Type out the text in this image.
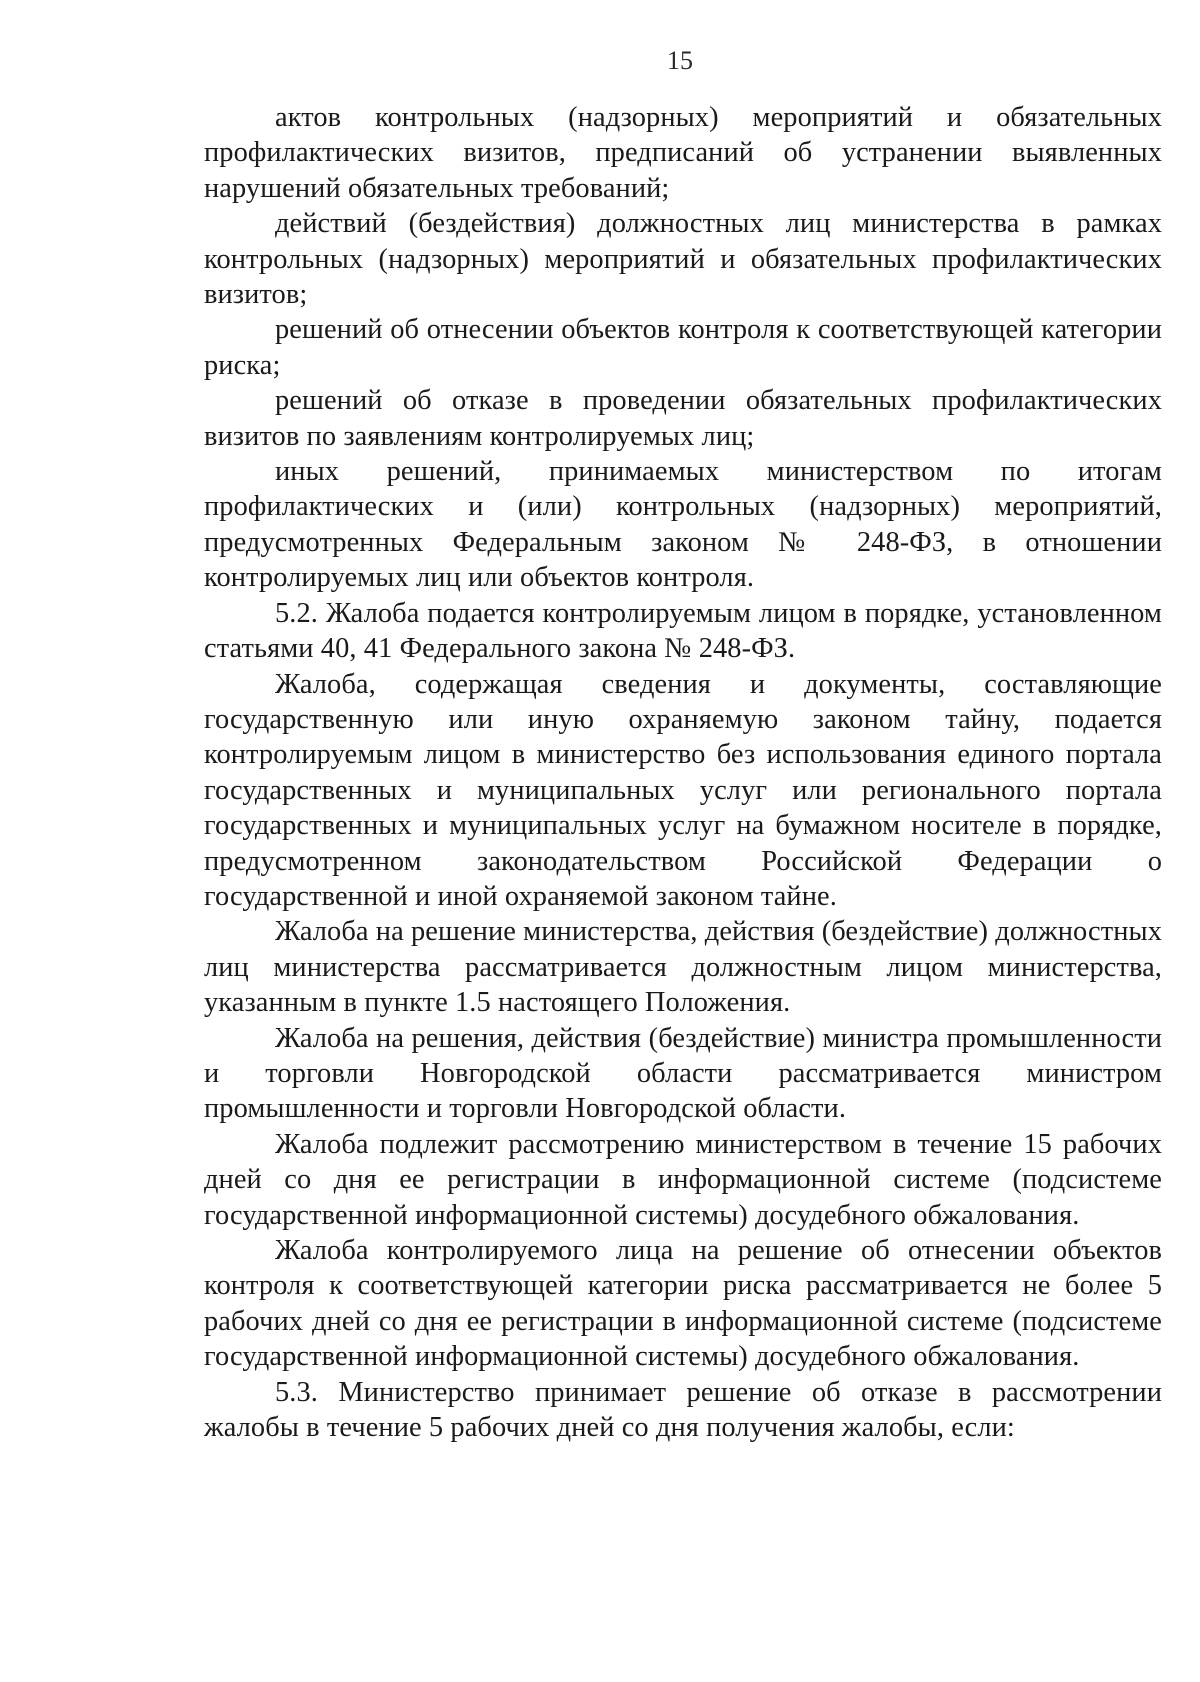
15

актов контрольных (надзорных) мероприятий и обязательных профилактических визитов, предписаний об устранении выявленных нарушений обязательных требований;

действий (бездействия) должностных лиц министерства в рамках контрольных (надзорных) мероприятий и обязательных профилактических визитов;

решений об отнесении объектов контроля к соответствующей категории риска;

решений об отказе в проведении обязательных профилактических визитов по заявлениям контролируемых лиц;

иных решений, принимаемых министерством по итогам профилактических и (или) контрольных (надзорных) мероприятий, предусмотренных Федеральным законом № 248-ФЗ, в отношении контролируемых лиц или объектов контроля.

5.2. Жалоба подается контролируемым лицом в порядке, установленном статьями 40, 41 Федерального закона № 248-ФЗ.

Жалоба, содержащая сведения и документы, составляющие государственную или иную охраняемую законом тайну, подается контролируемым лицом в министерство без использования единого портала государственных и муниципальных услуг или регионального портала государственных и муниципальных услуг на бумажном носителе в порядке, предусмотренном законодательством Российской Федерации о государственной и иной охраняемой законом тайне.

Жалоба на решение министерства, действия (бездействие) должностных лиц министерства рассматривается должностным лицом министерства, указанным в пункте 1.5 настоящего Положения.

Жалоба на решения, действия (бездействие) министра промышленности и торговли Новгородской области рассматривается министром промышленности и торговли Новгородской области.

Жалоба подлежит рассмотрению министерством в течение 15 рабочих дней со дня ее регистрации в информационной системе (подсистеме государственной информационной системы) досудебного обжалования.

Жалоба контролируемого лица на решение об отнесении объектов контроля к соответствующей категории риска рассматривается не более 5 рабочих дней со дня ее регистрации в информационной системе (подсистеме государственной информационной системы) досудебного обжалования.

5.3. Министерство принимает решение об отказе в рассмотрении жалобы в течение 5 рабочих дней со дня получения жалобы, если:
